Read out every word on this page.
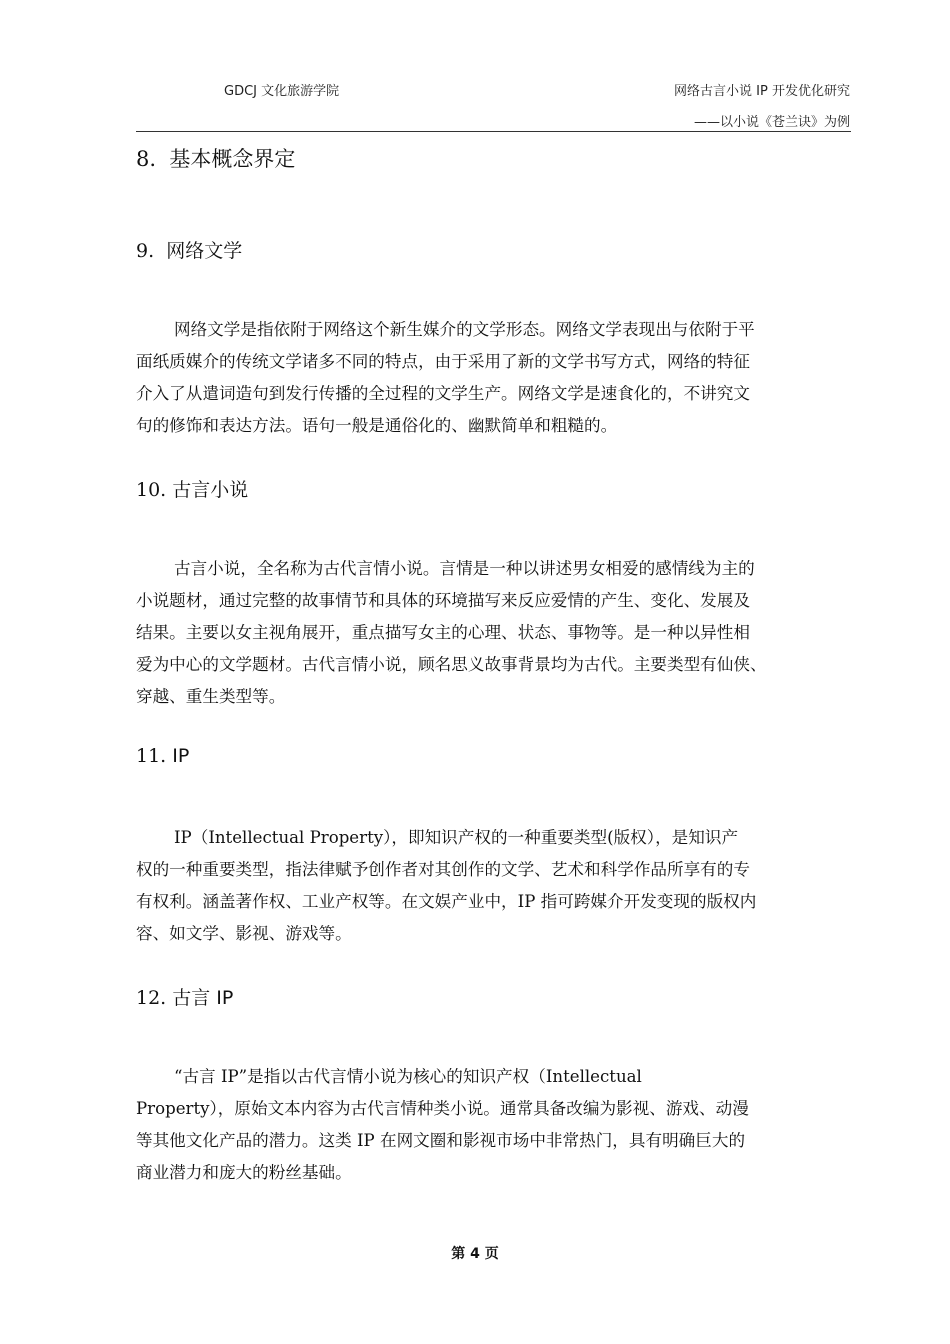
GDCJ 文化旅游学院	网络古言小说 IP 开发优化研究
——以小说《苍兰诀》为例
8. 基本概念界定
9. 网络文学
网络文学是指依附于网络这个新生媒介的文学形态。网络文学表现出与依附于平
面纸质媒介的传统文学诸多不同的特点，由于采用了新的文学书写方式，网络的特征
介入了从遣词造句到发行传播的全过程的文学生产。网络文学是速食化的，不讲究文
句的修饰和表达方法。语句一般是通俗化的、幽默简单和粗糙的。
10. 古言小说
古言小说，全名称为古代言情小说。言情是一种以讲述男女相爱的感情线为主的
小说题材，通过完整的故事情节和具体的环境描写来反应爱情的产生、变化、发展及
结果。主要以女主视角展开，重点描写女主的心理、状态、事物等。是一种以异性相
爱为中心的文学题材。古代言情小说，顾名思义故事背景均为古代。主要类型有仙侠、
穿越、重生类型等。
11. IP
IP（Intellectual Property），即知识产权的一种重要类型(版权），是知识产
权的一种重要类型，指法律赋予创作者对其创作的文学、艺术和科学作品所享有的专
有权利。涵盖著作权、工业产权等。在文娱产业中，IP 指可跨媒介开发变现的版权内
容、如文学、影视、游戏等。
12. 古言 IP
“古言 IP”是指以古代言情小说为核心的知识产权（Intellectual
Property），原始文本内容为古代言情种类小说。通常具备改编为影视、游戏、动漫
等其他文化产品的潜力。这类 IP 在网文圈和影视市场中非常热门，具有明确巨大的
商业潜力和庞大的粉丝基础。
第 4 页
